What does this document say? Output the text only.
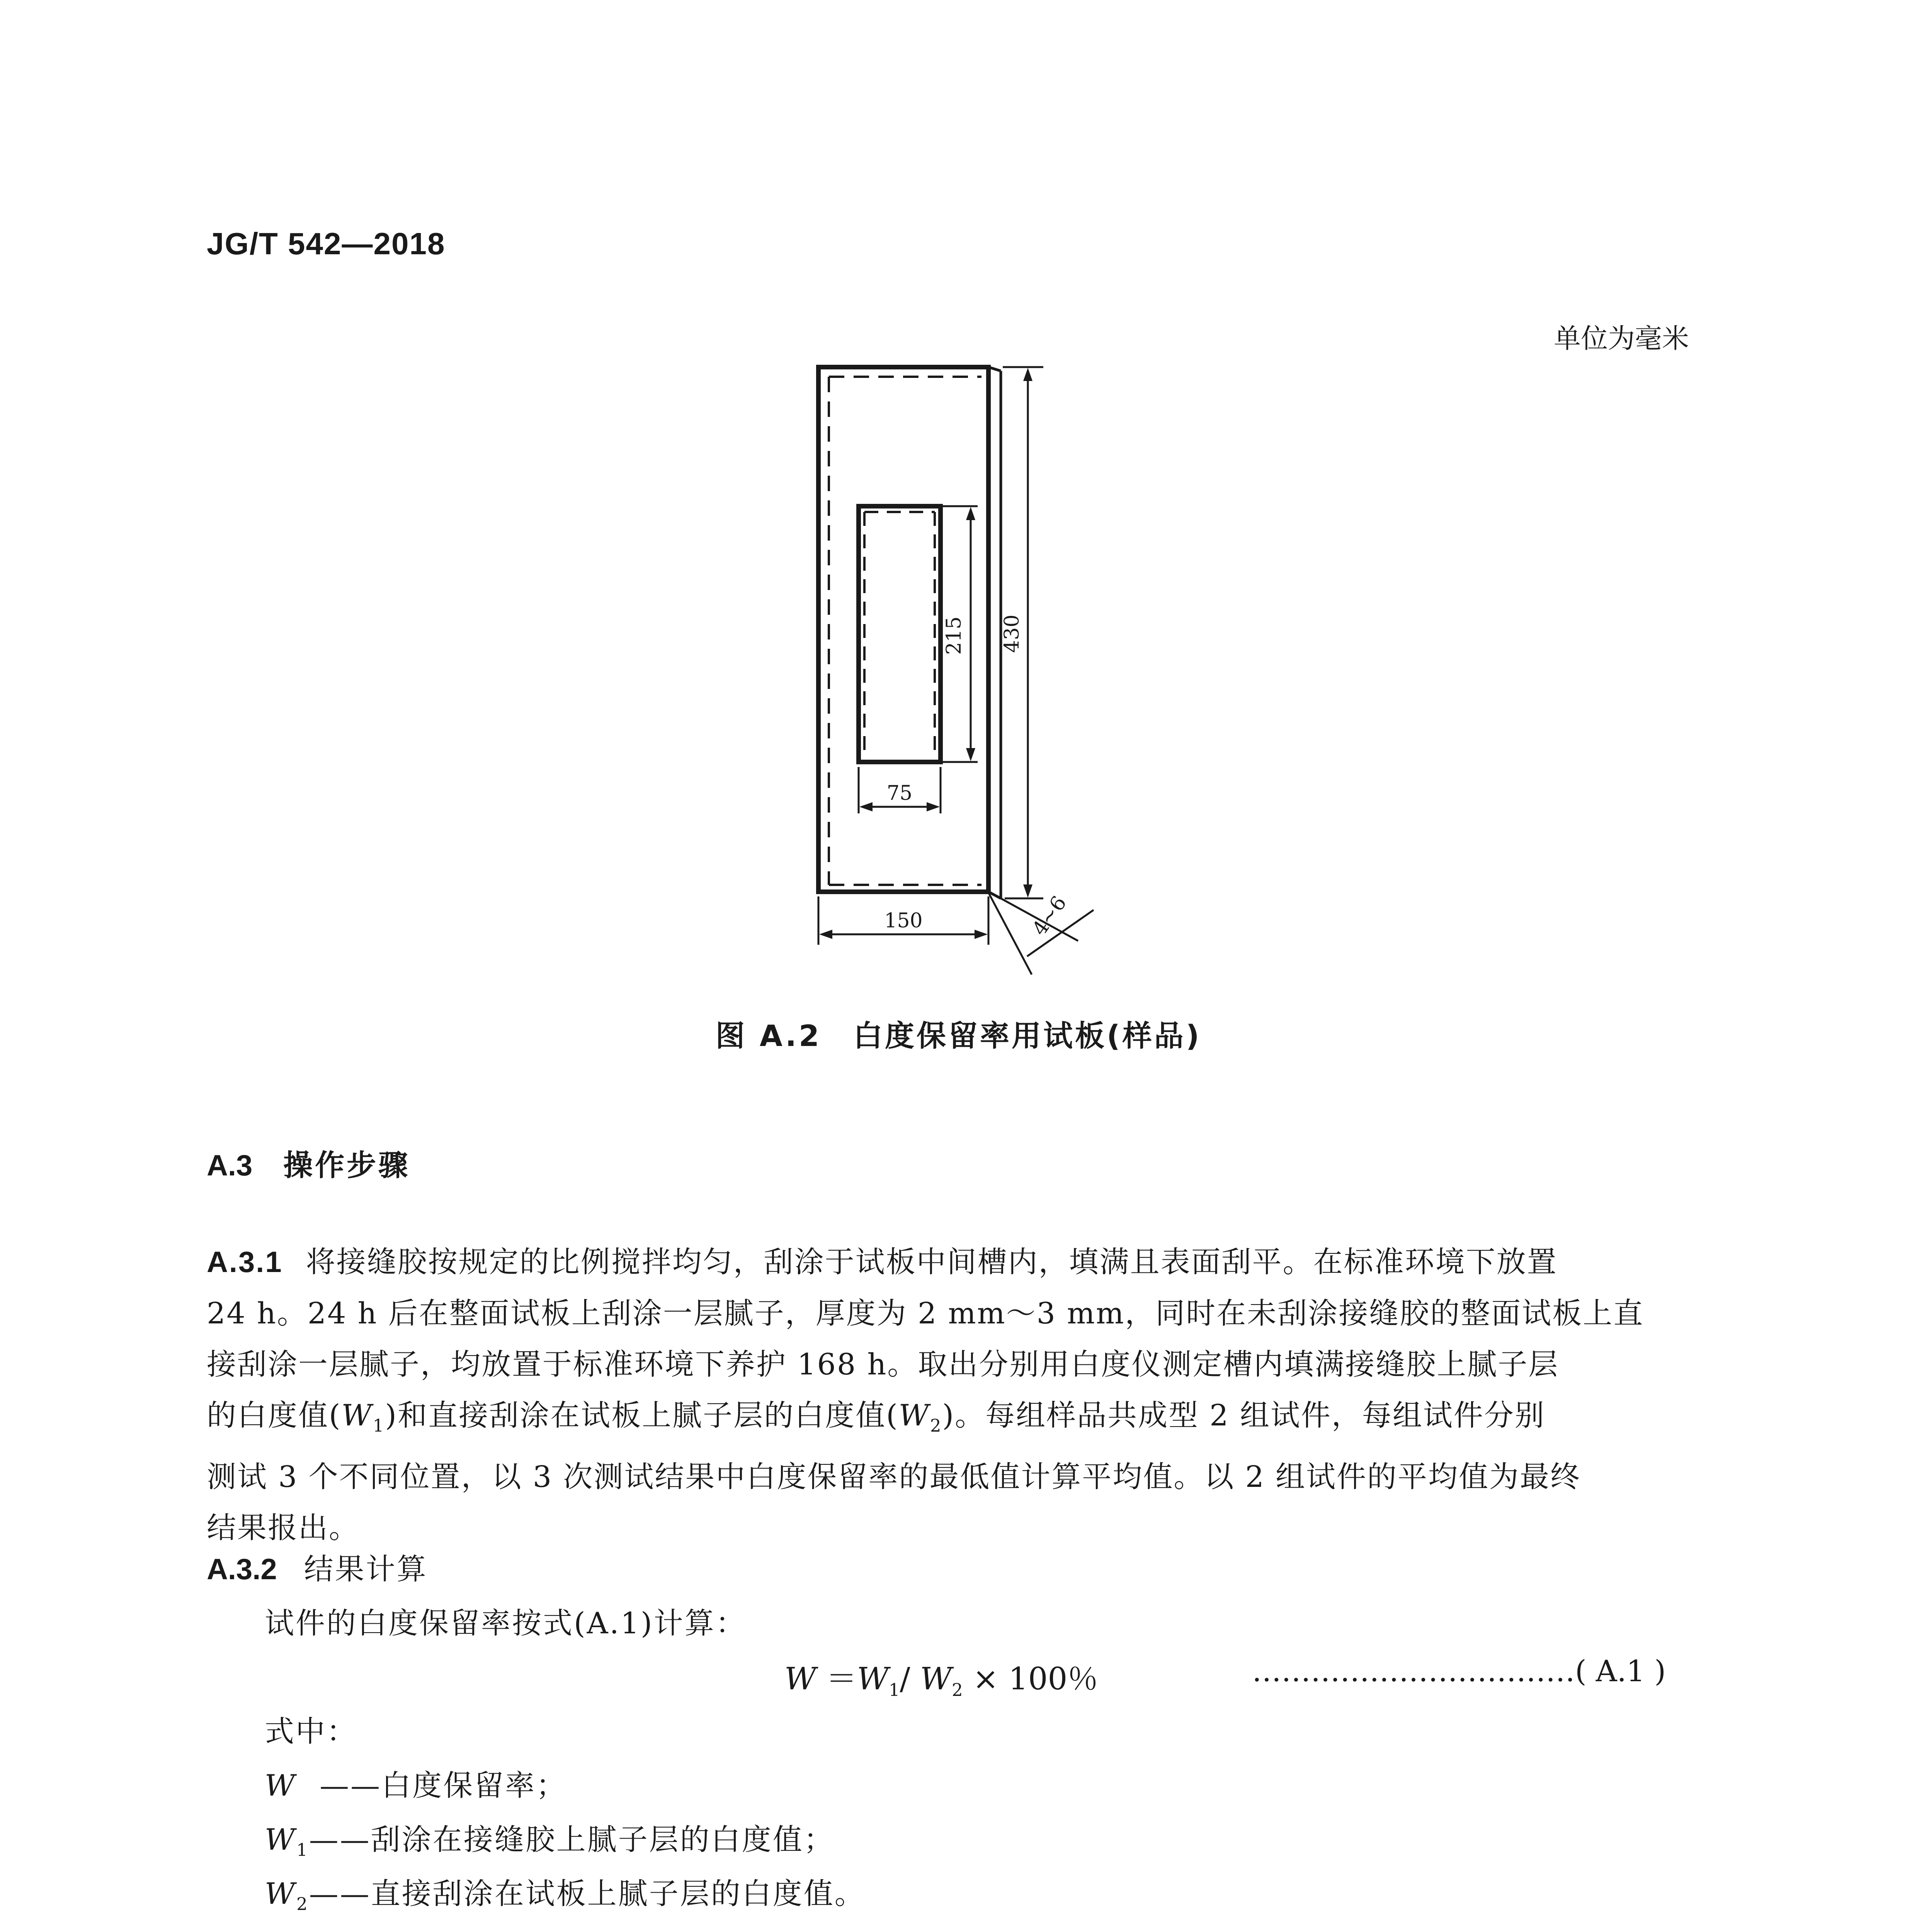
JG/T 542—2018
单位为毫米
215 430
75
150	4~6
图 A.2　白度保留率用试板(样品)
A.3 操作步骤
A.3.1 将接缝胶按规定的比例搅拌均匀，刮涂于试板中间槽内，填满且表面刮平。在标准环境下放置
24 h。24 h 后在整面试板上刮涂一层腻子，厚度为 2 mm～3 mm，同时在未刮涂接缝胶的整面试板上直
接刮涂一层腻子，均放置于标准环境下养护 168 h。取出分别用白度仪测定槽内填满接缝胶上腻子层
的白度值$(W_1)$和直接刮涂在试板上腻子层的白度值$(W_2)$。每组样品共成型 2 组试件，每组试件分别
测试 3 个不同位置，以 3 次测试结果中白度保留率的最低值计算平均值。以 2 组试件的平均值为最终
结果报出。
A.3.2 结果计算
试件的白度保留率按式(A.1)计算：
$W =W_1/$ $W_2 \times 100$％	……………………………( A.1 )
式中：
W ——白度保留率；
$W_1——$刮涂在接缝胶上腻子层的白度值；
$W_2——$直接刮涂在试板上腻子层的白度值。
